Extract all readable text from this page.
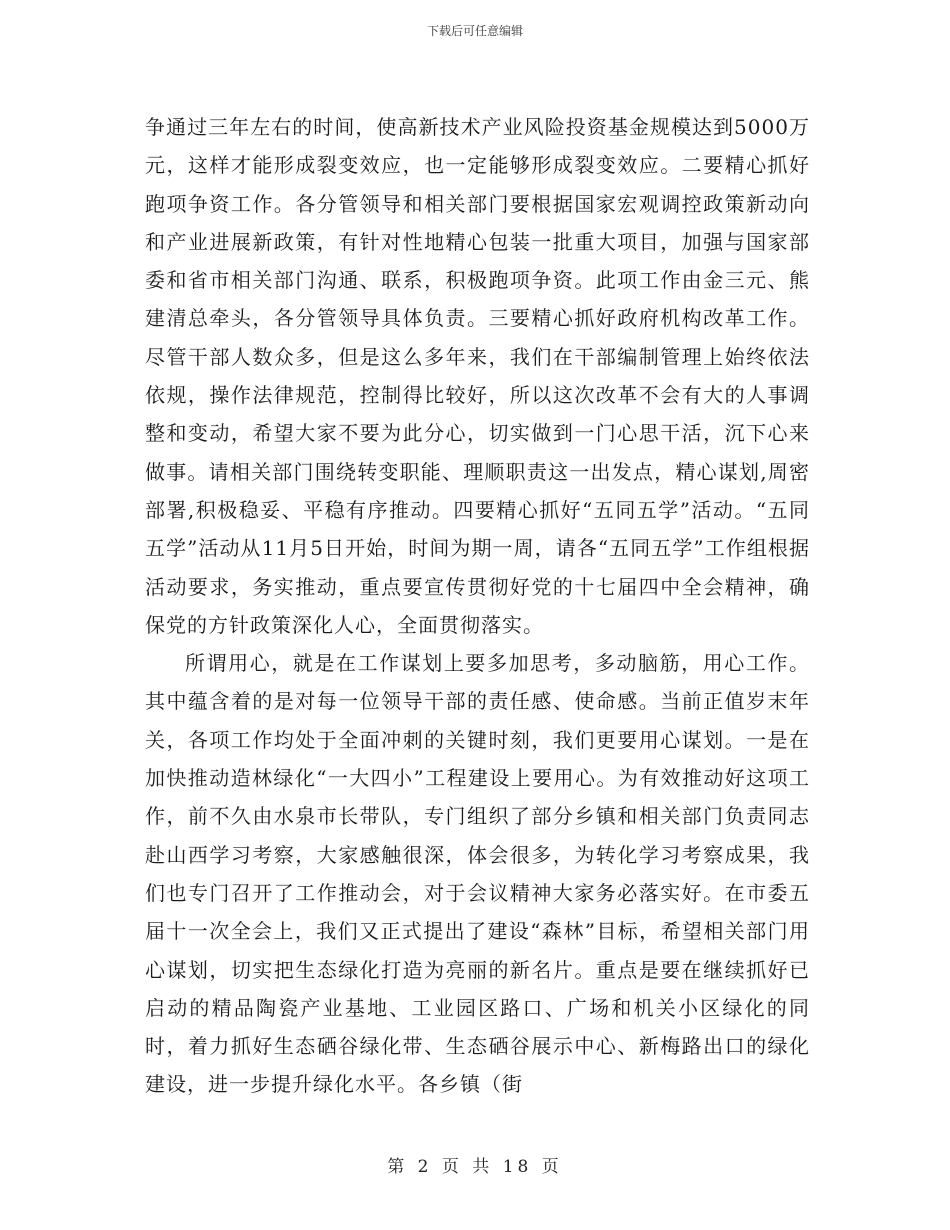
下载后可任意编辑

争通过三年左右的时间，使高新技术产业风险投资基金规模达到5000万元，这样才能形成裂变效应，也一定能够形成裂变效应。二要精心抓好跑项争资工作。各分管领导和相关部门要根据国家宏观调控政策新动向和产业进展新政策，有针对性地精心包装一批重大项目，加强与国家部委和省市相关部门沟通、联系，积极跑项争资。此项工作由金三元、熊建清总牵头，各分管领导具体负责。三要精心抓好政府机构改革工作。尽管干部人数众多，但是这么多年来，我们在干部编制管理上始终依法依规，操作法律规范，控制得比较好，所以这次改革不会有大的人事调整和变动，希望大家不要为此分心，切实做到一门心思干活，沉下心来做事。请相关部门围绕转变职能、理顺职责这一出发点，精心谋划,周密部署,积极稳妥、平稳有序推动。四要精心抓好“五同五学”活动。“五同五学”活动从11月5日开始，时间为期一周，请各“五同五学”工作组根据活动要求，务实推动，重点要宣传贯彻好党的十七届四中全会精神，确保党的方针政策深化人心，全面贯彻落实。

所谓用心，就是在工作谋划上要多加思考，多动脑筋，用心工作。其中蕴含着的是对每一位领导干部的责任感、使命感。当前正值岁末年关，各项工作均处于全面冲刺的关键时刻，我们更要用心谋划。一是在加快推动造林绿化“一大四小”工程建设上要用心。为有效推动好这项工作，前不久由水泉市长带队，专门组织了部分乡镇和相关部门负责同志赴山西学习考察，大家感触很深，体会很多，为转化学习考察成果，我们也专门召开了工作推动会，对于会议精神大家务必落实好。在市委五届十一次全会上，我们又正式提出了建设“森林”目标，希望相关部门用心谋划，切实把生态绿化打造为亮丽的新名片。重点是要在继续抓好已启动的精品陶瓷产业基地、工业园区路口、广场和机关小区绿化的同时，着力抓好生态硒谷绿化带、生态硒谷展示中心、新梅路出口的绿化建设，进一步提升绿化水平。各乡镇（街

第 2 页 共 18 页
